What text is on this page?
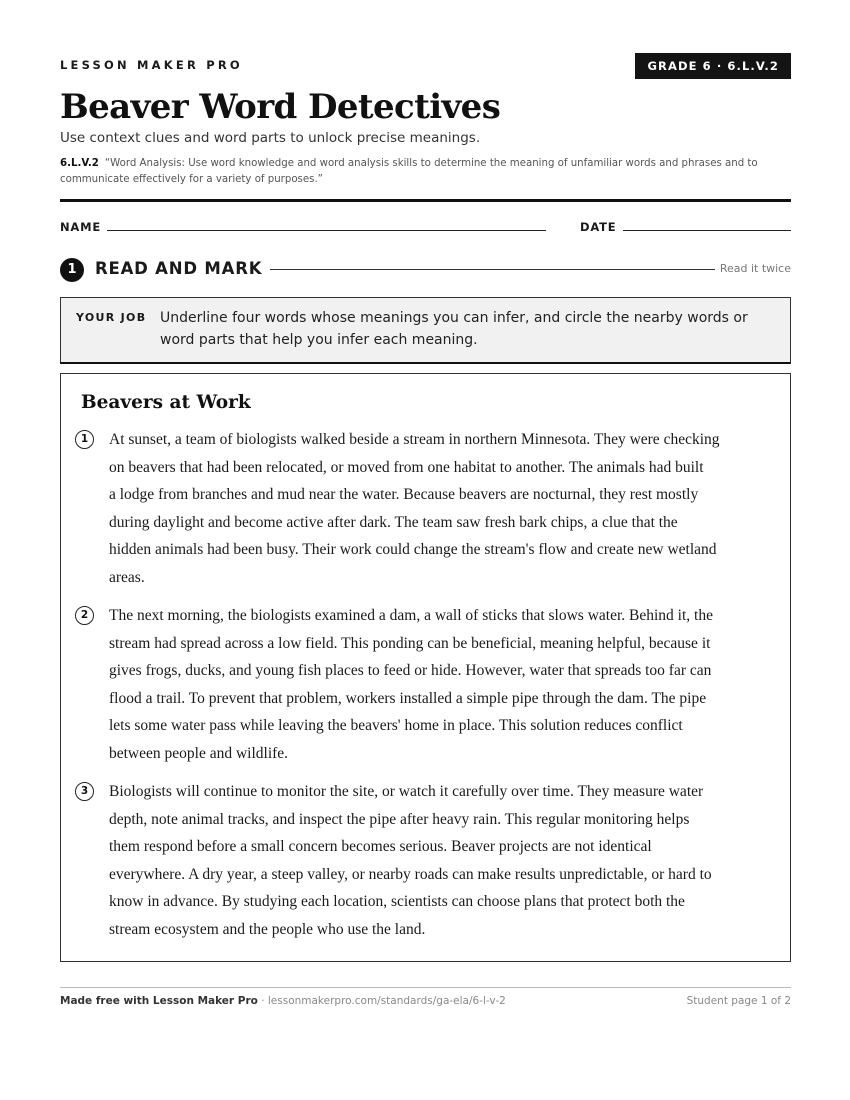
LESSON MAKER PRO	GRADE 6 · 6.L.V.2
Beaver Word Detectives
Use context clues and word parts to unlock precise meanings.
6.L.V.2 “Word Analysis: Use word knowledge and word analysis skills to determine the meaning of unfamiliar words and phrases and to communicate effectively for a variety of purposes.”
NAME	DATE
1	READ AND MARK	Read it twice
YOUR JOB Underline four words whose meanings you can infer, and circle the nearby words or word parts that help you infer each meaning.
Beavers at Work
1	At sunset, a team of biologists walked beside a stream in northern Minnesota. They were checking
on beavers that had been relocated, or moved from one habitat to another. The animals had built
a lodge from branches and mud near the water. Because beavers are nocturnal, they rest mostly
during daylight and become active after dark. The team saw fresh bark chips, a clue that the
hidden animals had been busy. Their work could change the stream's flow and create new wetland
areas.
2	The next morning, the biologists examined a dam, a wall of sticks that slows water. Behind it, the
stream had spread across a low field. This ponding can be beneficial, meaning helpful, because it
gives frogs, ducks, and young fish places to feed or hide. However, water that spreads too far can
flood a trail. To prevent that problem, workers installed a simple pipe through the dam. The pipe
lets some water pass while leaving the beavers' home in place. This solution reduces conflict
between people and wildlife.
3	Biologists will continue to monitor the site, or watch it carefully over time. They measure water
depth, note animal tracks, and inspect the pipe after heavy rain. This regular monitoring helps
them respond before a small concern becomes serious. Beaver projects are not identical
everywhere. A dry year, a steep valley, or nearby roads can make results unpredictable, or hard to
know in advance. By studying each location, scientists can choose plans that protect both the
stream ecosystem and the people who use the land.
Made free with Lesson Maker Pro · lessonmakerpro.com/standards/ga-ela/6-l-v-2	Student page 1 of 2
